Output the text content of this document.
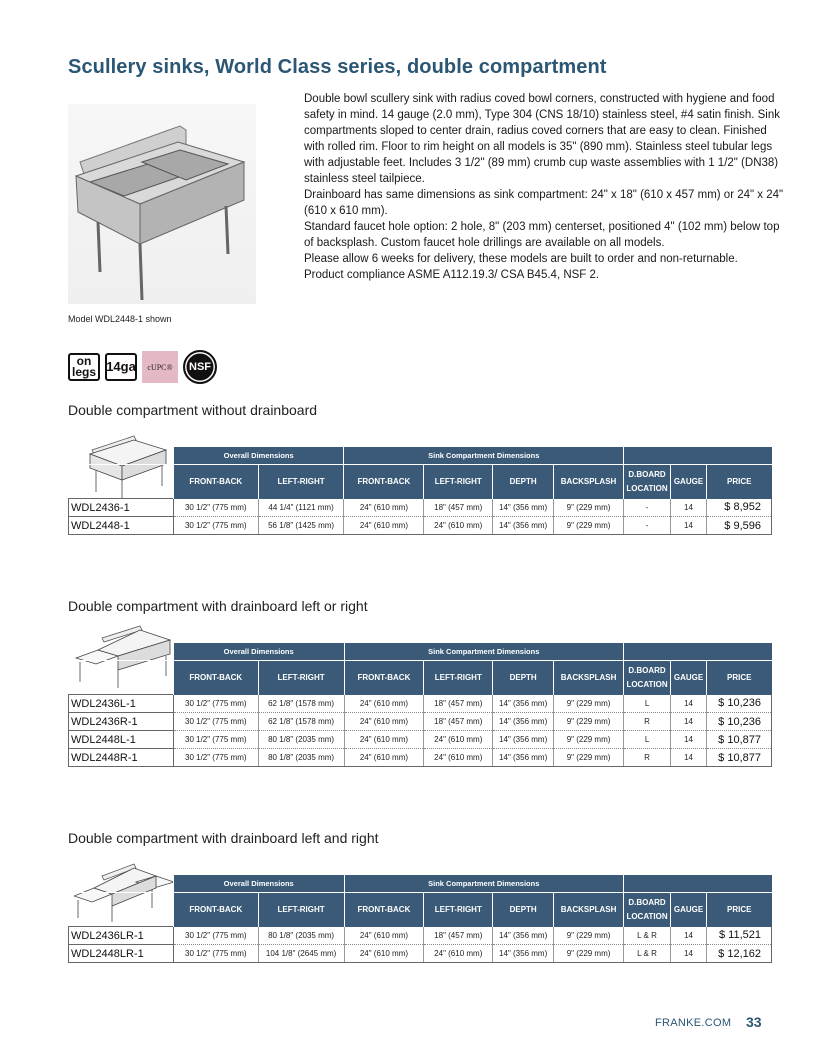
Scullery sinks, World Class series, double compartment
Model WDL2448-1 shown

Double bowl scullery sink with radius coved bowl corners, constructed with hygiene and food safety in mind. 14 gauge (2.0 mm), Type 304 (CNS 18/10) stainless steel, #4 satin finish. Sink compartments sloped to center drain, radius coved corners that are easy to clean. Finished with rolled rim. Floor to rim height on all models is 35" (890 mm). Stainless steel tubular legs with adjustable feet. Includes 3 1/2" (89 mm) crumb cup waste assemblies with 1 1/2" (DN38) stainless steel tailpiece.

Drainboard has same dimensions as sink compartment: 24" x 18" (610 x 457 mm) or 24" x 24" (610 x 610 mm).

Standard faucet hole option: 2 hole, 8" (203 mm) centerset, positioned 4" (102 mm) below top of backsplash. Custom faucet hole drillings are available on all models.

Please allow 6 weeks for delivery, these models are built to order and non-returnable.

Product compliance ASME A112.19.3/ CSA B45.4, NSF 2.

on
legs 14ga cUPC® NSF
Double compartment without drainboard
	Overall Dimensions		Sink Compartment Dimensions						
	FRONT-BACK	LEFT-RIGHT	FRONT-BACK	LEFT-RIGHT	DEPTH	BACKSPLASH	D.BOARD
LOCATION	GAUGE	PRICE
WDL2436-1	30 1/2" (775 mm)	44 1/4" (1121 mm)	24" (610 mm)	18" (457 mm)	14" (356 mm)	9" (229 mm)	-	14	$ 8,952
WDL2448-1	30 1/2" (775 mm)	56 1/8" (1425 mm)	24" (610 mm)	24" (610 mm)	14" (356 mm)	9" (229 mm)	-	14	$ 9,596
Double compartment with drainboard left or right
	Overall Dimensions		Sink Compartment Dimensions						
	FRONT-BACK	LEFT-RIGHT	FRONT-BACK	LEFT-RIGHT	DEPTH	BACKSPLASH	D.BOARD
LOCATION	GAUGE	PRICE
WDL2436L-1	30 1/2" (775 mm)	62 1/8" (1578 mm)	24" (610 mm)	18" (457 mm)	14" (356 mm)	9" (229 mm)	L	14	$ 10,236
WDL2436R-1	30 1/2" (775 mm)	62 1/8" (1578 mm)	24" (610 mm)	18" (457 mm)	14" (356 mm)	9" (229 mm)	R	14	$ 10,236
WDL2448L-1	30 1/2" (775 mm)	80 1/8" (2035 mm)	24" (610 mm)	24" (610 mm)	14" (356 mm)	9" (229 mm)	L	14	$ 10,877
WDL2448R-1	30 1/2" (775 mm)	80 1/8" (2035 mm)	24" (610 mm)	24" (610 mm)	14" (356 mm)	9" (229 mm)	R	14	$ 10,877
Double compartment with drainboard left and right
	Overall Dimensions		Sink Compartment Dimensions						
	FRONT-BACK	LEFT-RIGHT	FRONT-BACK	LEFT-RIGHT	DEPTH	BACKSPLASH	D.BOARD
LOCATION	GAUGE	PRICE
WDL2436LR-1	30 1/2" (775 mm)	80 1/8" (2035 mm)	24" (610 mm)	18" (457 mm)	14" (356 mm)	9" (229 mm)	L & R	14	$ 11,521
WDL2448LR-1	30 1/2" (775 mm)	104 1/8" (2645 mm)	24" (610 mm)	24" (610 mm)	14" (356 mm)	9" (229 mm)	L & R	14	$ 12,162
FRANKE.COM 33
